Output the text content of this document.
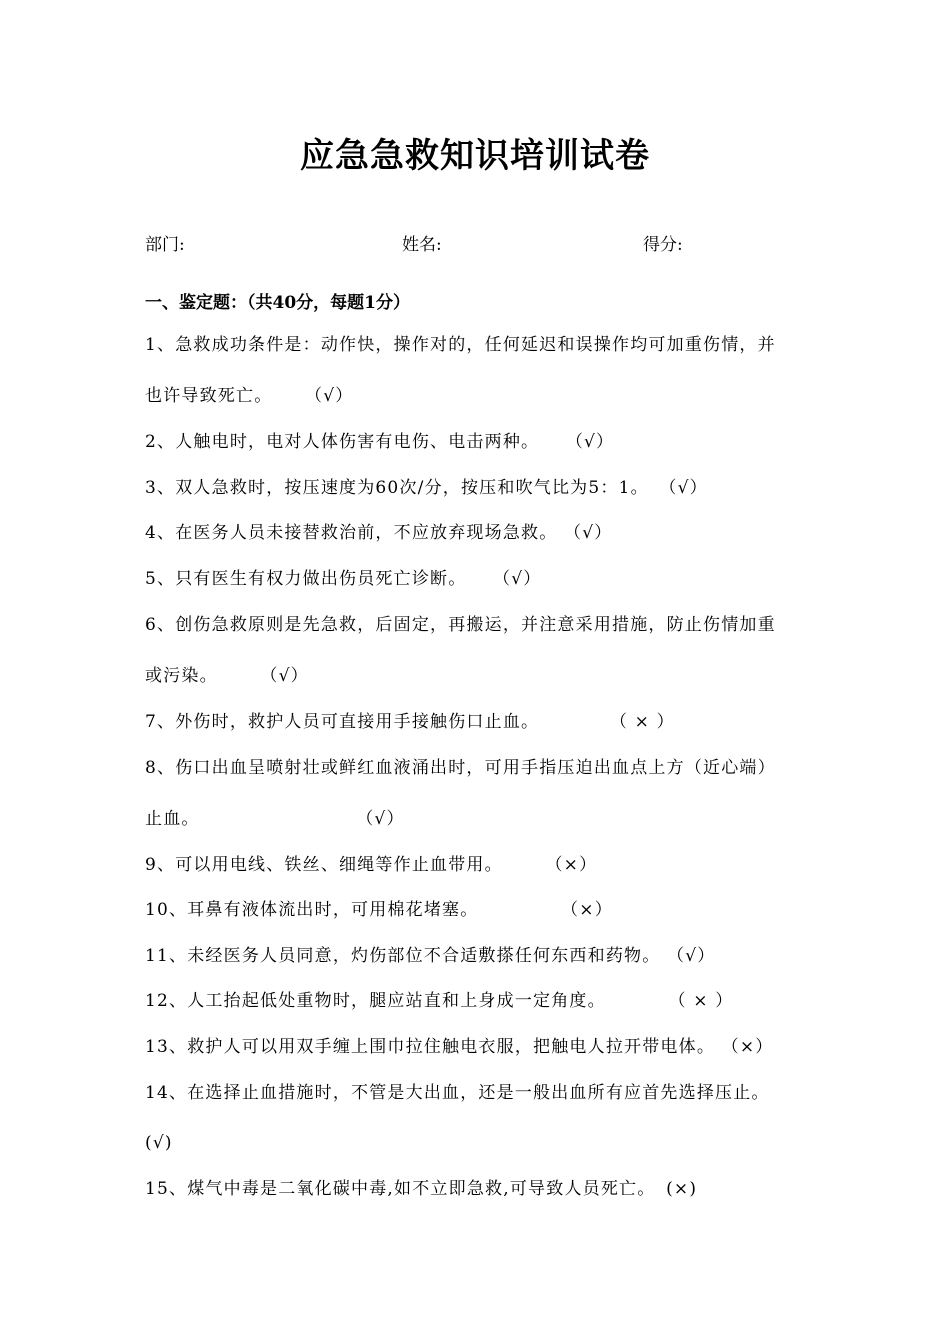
应急急救知识培训试卷
部门:	姓名:	得分:
一、鉴定题：（共40分，每题1分）
1、急救成功条件是：动作快，操作对的，任何延迟和误操作均可加重伤情，并
也许导致死亡。 （√）
2、人触电时，电对人体伤害有电伤、电击两种。 （√）
3、双人急救时，按压速度为60次/分，按压和吹气比为5：1。 （√）
4、在医务人员未接替救治前，不应放弃现场急救。 （√）
5、只有医生有权力做出伤员死亡诊断。 （√）
6、创伤急救原则是先急救，后固定，再搬运，并注意采用措施，防止伤情加重
或污染。	（√）
7、外伤时，救护人员可直接用手接触伤口止血。	（ × ）
8、伤口出血呈喷射壮或鲜红血液涌出时，可用手指压迫出血点上方（近心端）
止血。	（√）
9、可以用电线、铁丝、细绳等作止血带用。	（×）
10、耳鼻有液体流出时，可用棉花堵塞。	（×）
11、未经医务人员同意，灼伤部位不合适敷搽任何东西和药物。 （√）
12、人工抬起低处重物时，腿应站直和上身成一定角度。	（ × ）
13、救护人可以用双手缠上围巾拉住触电衣服，把触电人拉开带电体。 （×）
14、在选择止血措施时，不管是大出血，还是一般出血所有应首先选择压止。
(√)
15、煤气中毒是二氧化碳中毒,如不立即急救,可导致人员死亡。 (×)
